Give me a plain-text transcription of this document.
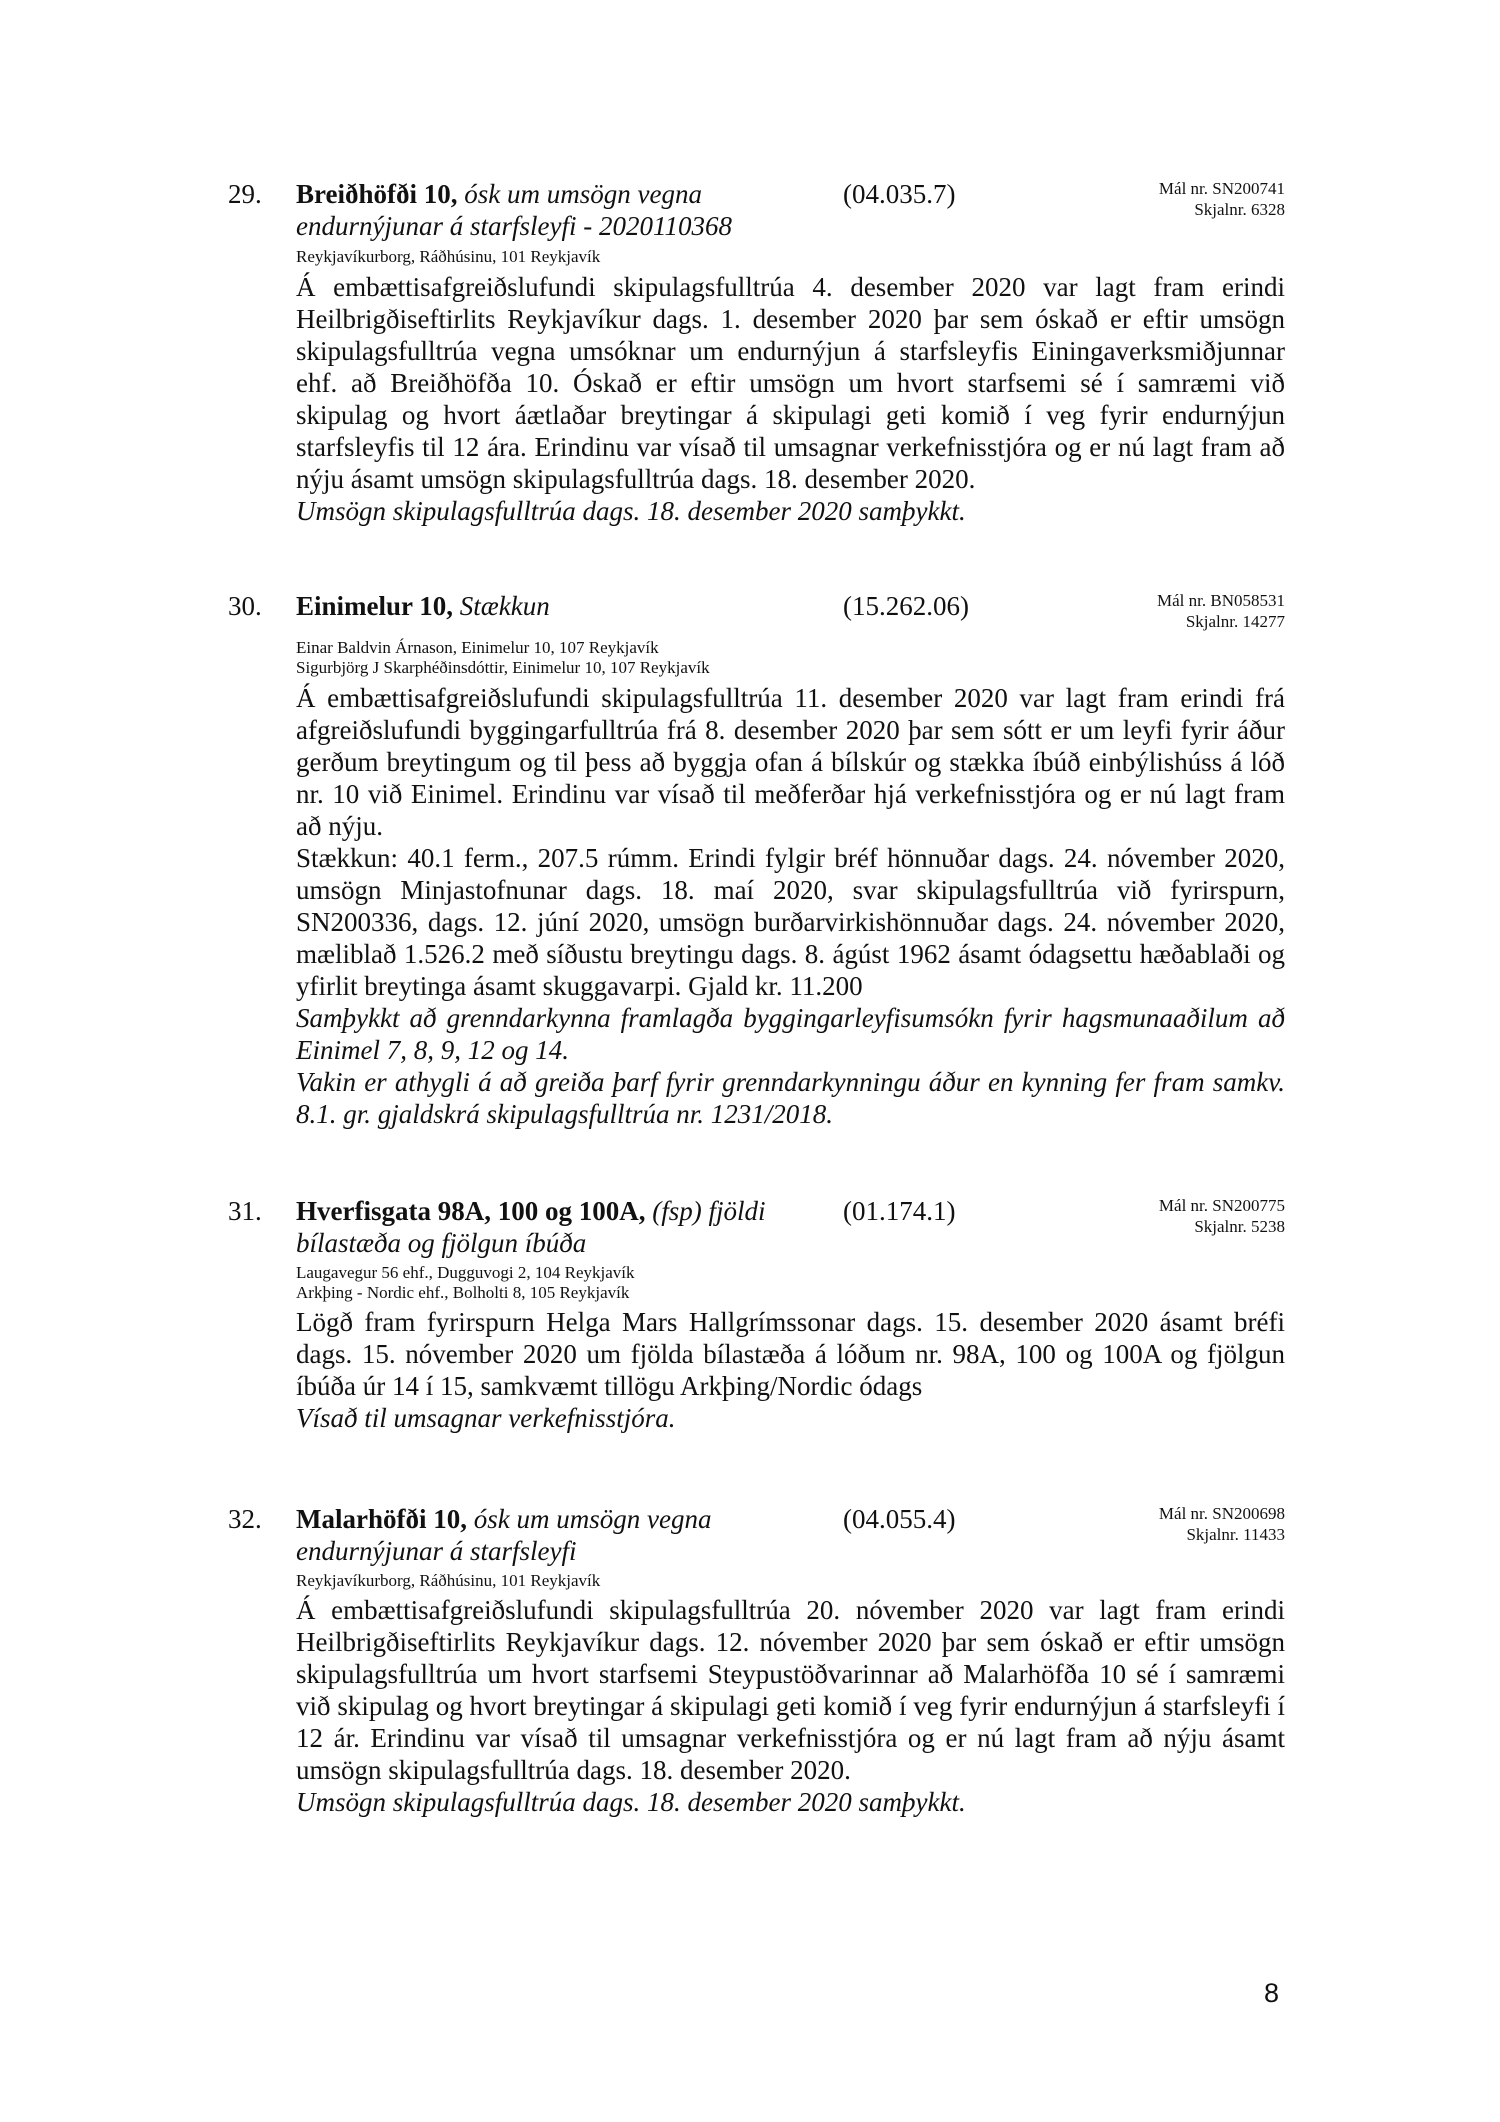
29. Breiðhöfði 10, ósk um umsögn vegna
endurnýjunar á starfsleyfi - 2020110368
(04.035.7)	Mál nr. SN200741
Skjalnr. 6328
Reykjavíkurborg, Ráðhúsinu, 101 Reykjavík

Á embættisafgreiðslufundi skipulagsfulltrúa 4. desember 2020 var lagt fram erindi Heilbrigðiseftirlits Reykjavíkur dags. 1. desember 2020 þar sem óskað er eftir umsögn skipulagsfulltrúa vegna umsóknar um endurnýjun á starfsleyfis Einingaverksmiðjunnar ehf. að Breiðhöfða 10. Óskað er eftir umsögn um hvort starfsemi sé í samræmi við skipulag og hvort áætlaðar breytingar á skipulagi geti komið í veg fyrir endurnýjun starfsleyfis til 12 ára. Erindinu var vísað til umsagnar verkefnisstjóra og er nú lagt fram að nýju ásamt umsögn skipulagsfulltrúa dags. 18. desember 2020.

Umsögn skipulagsfulltrúa dags. 18. desember 2020 samþykkt.

30. Einimelur 10, Stækkun	(15.262.06)	Mál nr. BN058531
Skjalnr. 14277
Einar Baldvin Árnason, Einimelur 10, 107 Reykjavík
Sigurbjörg J Skarphéðinsdóttir, Einimelur 10, 107 Reykjavík

Á embættisafgreiðslufundi skipulagsfulltrúa 11. desember 2020 var lagt fram erindi frá afgreiðslufundi byggingarfulltrúa frá 8. desember 2020 þar sem sótt er um leyfi fyrir áður gerðum breytingum og til þess að byggja ofan á bílskúr og stækka íbúð einbýlishúss á lóð nr. 10 við Einimel. Erindinu var vísað til meðferðar hjá verkefnisstjóra og er nú lagt fram að nýju.

Stækkun: 40.1 ferm., 207.5 rúmm. Erindi fylgir bréf hönnuðar dags. 24. nóvember 2020, umsögn Minjastofnunar dags. 18. maí 2020, svar skipulagsfulltrúa við fyrirspurn, SN200336, dags. 12. júní 2020, umsögn burðarvirkishönnuðar dags. 24. nóvember 2020, mæliblað 1.526.2 með síðustu breytingu dags. 8. ágúst 1962 ásamt ódagsettu hæðablaði og yfirlit breytinga ásamt skuggavarpi. Gjald kr. 11.200

Samþykkt að grenndarkynna framlagða byggingarleyfisumsókn fyrir hagsmunaaðilum að Einimel 7, 8, 9, 12 og 14.

Vakin er athygli á að greiða þarf fyrir grenndarkynningu áður en kynning fer fram samkv. 8.1. gr. gjaldskrá skipulagsfulltrúa nr. 1231/2018.

31. Hverfisgata 98A, 100 og 100A, (fsp) fjöldi
bílastæða og fjölgun íbúða
(01.174.1)	Mál nr. SN200775
Skjalnr. 5238
Laugavegur 56 ehf., Dugguvogi 2, 104 Reykjavík
Arkþing - Nordic ehf., Bolholti 8, 105 Reykjavík

Lögð fram fyrirspurn Helga Mars Hallgrímssonar dags. 15. desember 2020 ásamt bréfi dags. 15. nóvember 2020 um fjölda bílastæða á lóðum nr. 98A, 100 og 100A og fjölgun íbúða úr 14 í 15, samkvæmt tillögu Arkþing/Nordic ódags

Vísað til umsagnar verkefnisstjóra.

32. Malarhöfði 10, ósk um umsögn vegna
endurnýjunar á starfsleyfi
(04.055.4)	Mál nr. SN200698
Skjalnr. 11433
Reykjavíkurborg, Ráðhúsinu, 101 Reykjavík

Á embættisafgreiðslufundi skipulagsfulltrúa 20. nóvember 2020 var lagt fram erindi Heilbrigðiseftirlits Reykjavíkur dags. 12. nóvember 2020 þar sem óskað er eftir umsögn skipulagsfulltrúa um hvort starfsemi Steypustöðvarinnar að Malarhöfða 10 sé í samræmi við skipulag og hvort breytingar á skipulagi geti komið í veg fyrir endurnýjun á starfsleyfi í 12 ár. Erindinu var vísað til umsagnar verkefnisstjóra og er nú lagt fram að nýju ásamt umsögn skipulagsfulltrúa dags. 18. desember 2020.

Umsögn skipulagsfulltrúa dags. 18. desember 2020 samþykkt.

8
